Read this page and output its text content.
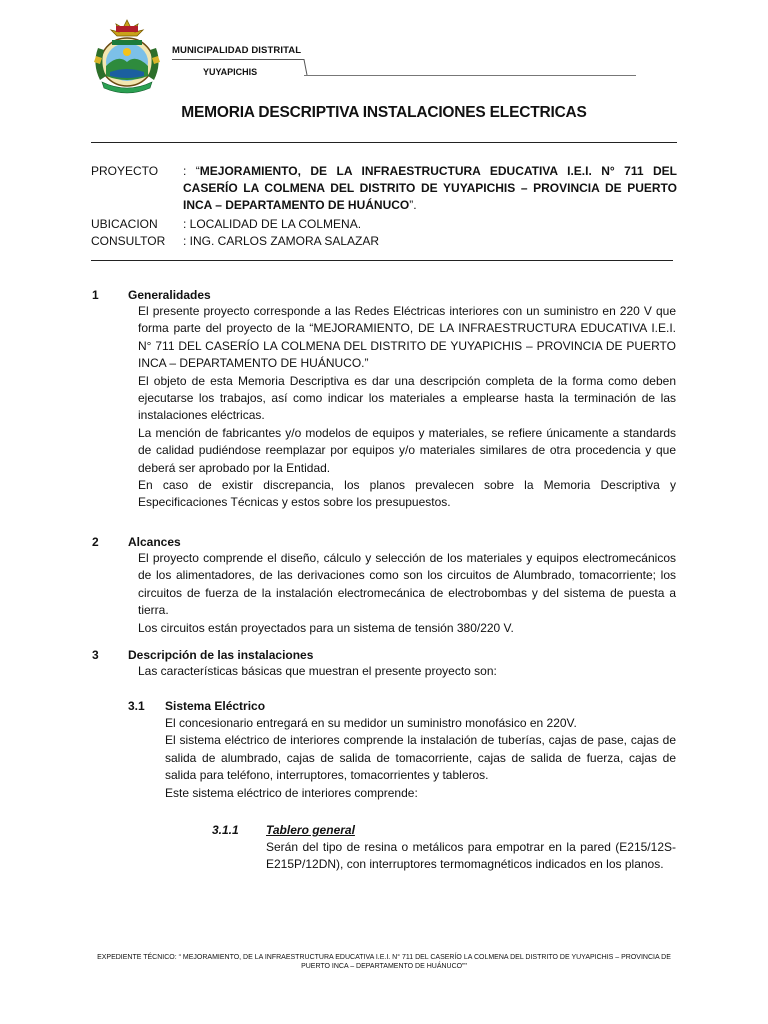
MUNICIPALIDAD DISTRITAL
YUYAPICHIS
MEMORIA DESCRIPTIVA INSTALACIONES ELECTRICAS
PROYECTO : “MEJORAMIENTO, DE LA INFRAESTRUCTURA EDUCATIVA I.E.I. N° 711 DEL CASERÍO LA COLMENA DEL DISTRITO DE YUYAPICHIS – PROVINCIA DE PUERTO INCA – DEPARTAMENTO DE HUÁNUCO”.
UBICACION : LOCALIDAD DE LA COLMENA.
CONSULTOR : ING. CARLOS ZAMORA SALAZAR
1 Generalidades

El presente proyecto corresponde a las Redes Eléctricas interiores con un suministro en 220 V que forma parte del proyecto de la “MEJORAMIENTO, DE LA INFRAESTRUCTURA EDUCATIVA I.E.I. N° 711 DEL CASERÍO LA COLMENA DEL DISTRITO DE YUYAPICHIS – PROVINCIA DE PUERTO INCA – DEPARTAMENTO DE HUÁNUCO.”

El objeto de esta Memoria Descriptiva es dar una descripción completa de la forma como deben ejecutarse los trabajos, así como indicar los materiales a emplearse hasta la terminación de las instalaciones eléctricas.

La mención de fabricantes y/o modelos de equipos y materiales, se refiere únicamente a standards de calidad pudiéndose reemplazar por equipos y/o materiales similares de otra procedencia y que deberá ser aprobado por la Entidad.

En caso de existir discrepancia, los planos prevalecen sobre la Memoria Descriptiva y Especificaciones Técnicas y estos sobre los presupuestos.

2 Alcances

El proyecto comprende el diseño, cálculo y selección de los materiales y equipos electromecánicos de los alimentadores, de las derivaciones como son los circuitos de Alumbrado, tomacorriente; los circuitos de fuerza de la instalación electromecánica de electrobombas y del sistema de puesta a tierra.

Los circuitos están proyectados para un sistema de tensión 380/220 V.

3 Descripción de las instalaciones

Las características básicas que muestran el presente proyecto son:

3.1 Sistema Eléctrico

El concesionario entregará en su medidor un suministro monofásico en 220V.

El sistema eléctrico de interiores comprende la instalación de tuberías, cajas de pase, cajas de salida de alumbrado, cajas de salida de tomacorriente, cajas de salida de fuerza, cajas de salida para teléfono, interruptores, tomacorrientes y tableros.

Este sistema eléctrico de interiores comprende:

3.1.1 Tablero general

Serán del tipo de resina o metálicos para empotrar en la pared (E215/12S-E215P/12DN), con interruptores termomagnéticos indicados en los planos.

EXPEDIENTE TÉCNICO: “ MEJORAMIENTO, DE LA INFRAESTRUCTURA EDUCATIVA I.E.I. N° 711 DEL CASERÍO LA COLMENA DEL DISTRITO DE YUYAPICHIS – PROVINCIA DE PUERTO INCA – DEPARTAMENTO DE HUÁNUCO”"
